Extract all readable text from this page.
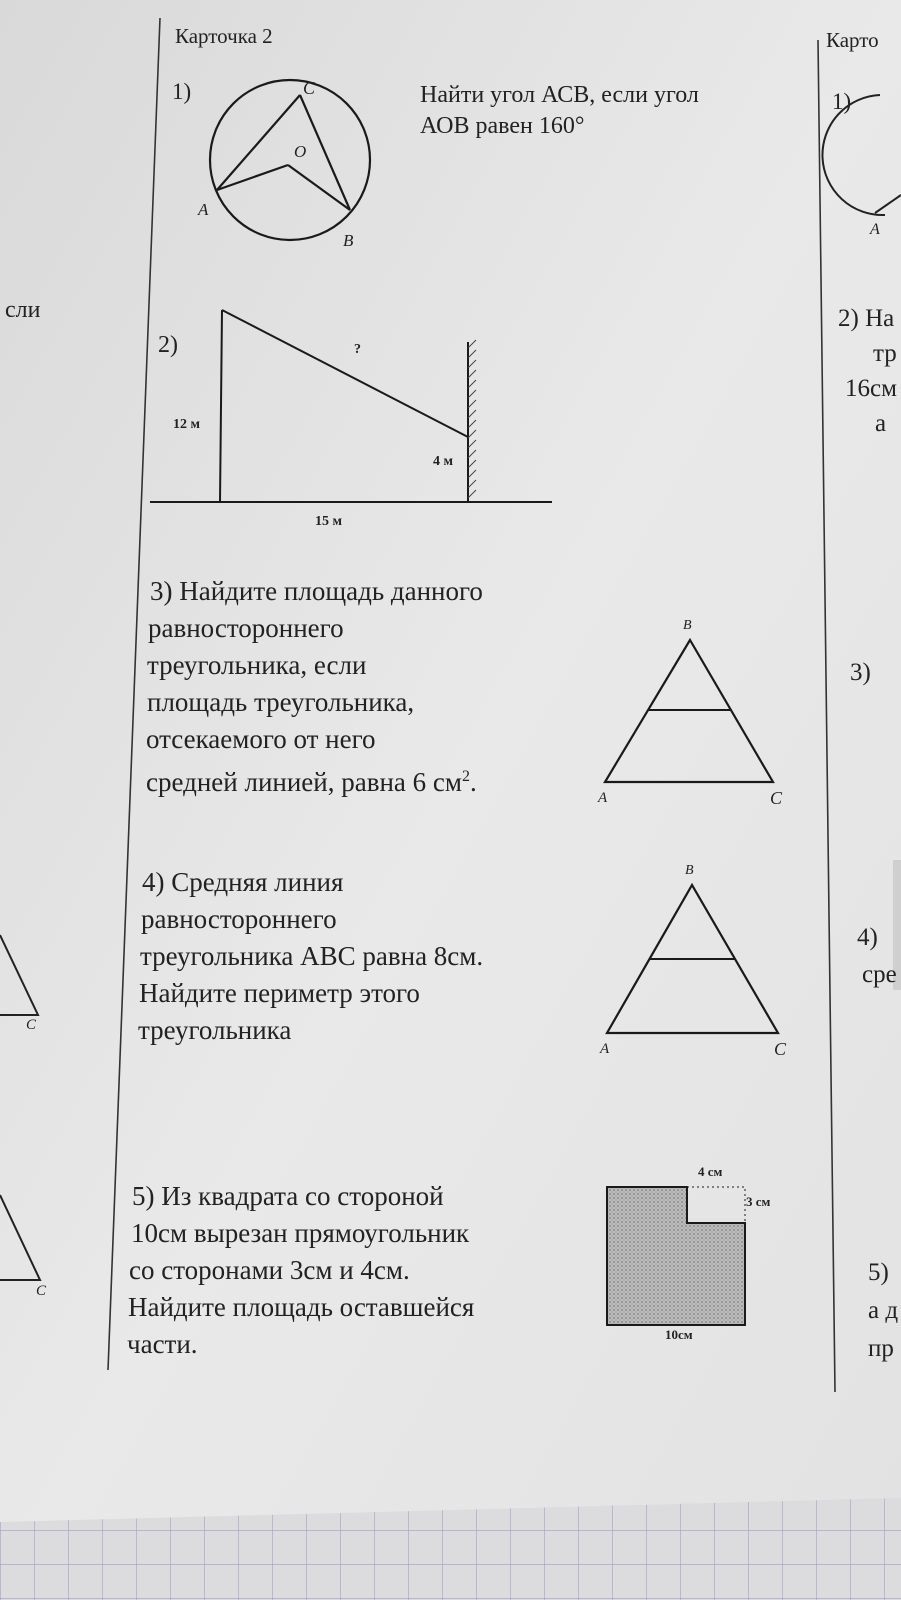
сли
C
C
Карточка 2
1)	C
O
A
B
Найти угол АСВ, если угол
АОВ равен 160°
2)	?
12 м
4 м
15 м
3) Найдите площадь данного
равностороннего
треугольника, если
площадь треугольника,
отсекаемого от него
средней линией, равна 6 $см^2$.
B
A	C
4) Средняя линия
равностороннего
треугольника АВС равна 8см.
Найдите периметр этого
треугольника
B
A	C
5) Из квадрата со стороной
10см вырезан прямоугольник
со сторонами 3см и 4см.
Найдите площадь оставшейся
части.
4 см
3 см
10см
Карто
1)
A
2) На
тр
16см
а
3)
4)
сре
5)
а д
пр
